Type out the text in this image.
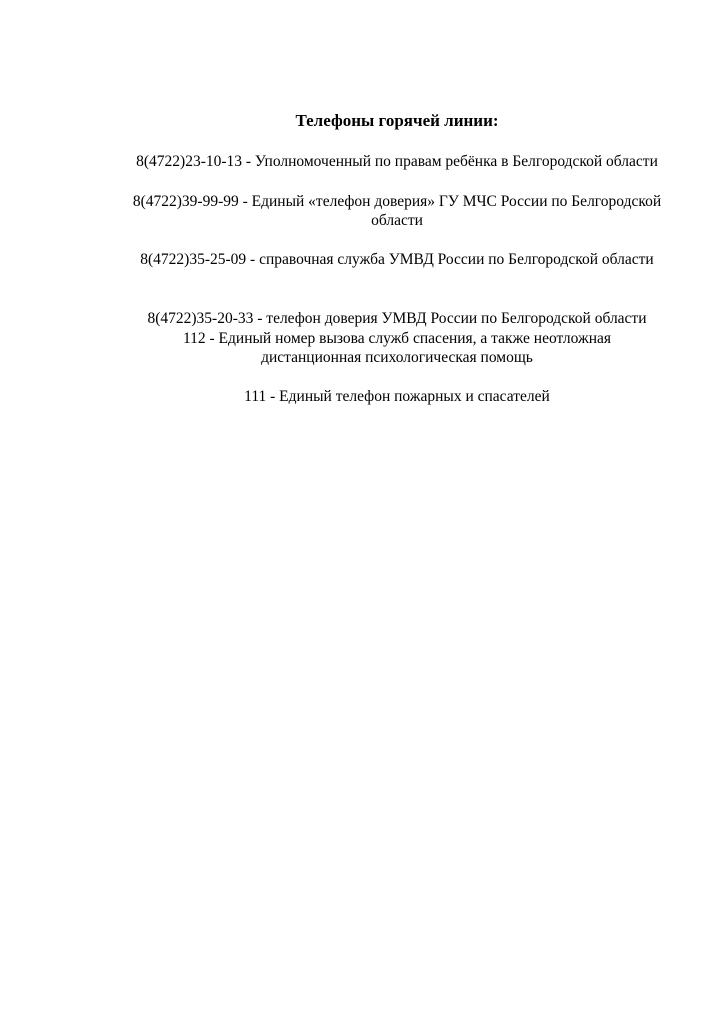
Телефоны горячей линии:

8(4722)23-10-13 - Уполномоченный по правам ребёнка в Белгородской области

8(4722)39-99-99 - Единый «телефон доверия» ГУ МЧС России по Белгородской

области

8(4722)35-25-09 - справочная служба УМВД России по Белгородской области

8(4722)35-20-33 - телефон доверия УМВД России по Белгородской области

112 - Единый номер вызова служб спасения, а также неотложная

дистанционная психологическая помощь

111 - Единый телефон пожарных и спасателей
